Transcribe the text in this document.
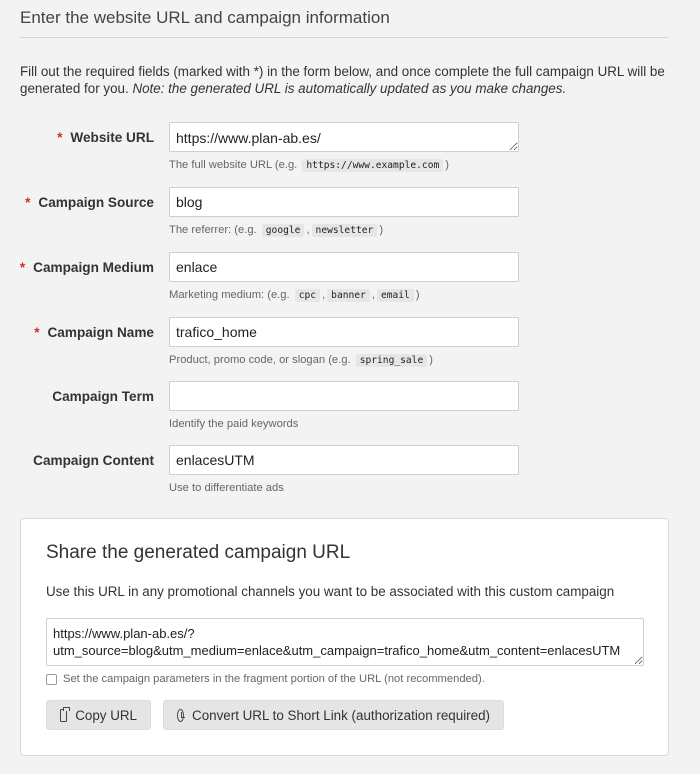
Enter the website URL and campaign information

Fill out the required fields (marked with *) in the form below, and once complete the full campaign URL will be generated for you. Note: the generated URL is automatically updated as you make changes.

* Website URL
https://www.plan-ab.es/
The full website URL (e.g. https://www.example.com )
* Campaign Source
blog
The referrer: (e.g. google , newsletter )
* Campaign Medium
enlace
Marketing medium: (e.g. cpc , banner , email )
* Campaign Name
trafico_home
Product, promo code, or slogan (e.g. spring_sale )
Campaign Term
Identify the paid keywords
Campaign Content
enlacesUTM
Use to differentiate ads
Share the generated campaign URL
Use this URL in any promotional channels you want to be associated with this custom campaign
https://www.plan-ab.es/?utm_source=blog&utm_medium=enlace&utm_campaign=trafico_home&utm_content=enlacesUTM
Set the campaign parameters in the fragment portion of the URL (not recommended).
Copy URL	Convert URL to Short Link (authorization required)
